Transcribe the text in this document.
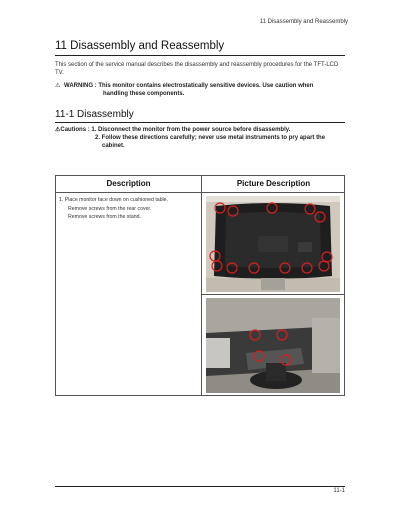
11 Disassembly and Reassembly
11 Disassembly and Reassembly
This section of the service manual describes the disassembly and reassembly procedures for the TFT-LCD TV.
⚠ WARNING : This monitor contains electrostatically sensitive devices. Use caution when
handling these components.
11-1 Disassembly
⚠Cautions : 1. Disconnect the monitor from the power source before disassembly.
2. Follow these directions carefully; never use metal instruments to pry apart the
cabinet.
Description	Picture Description
1. Place monitor face down on cushioned table.
Remove screws from the rear cover.
Remove screws from the stand.
11-1
